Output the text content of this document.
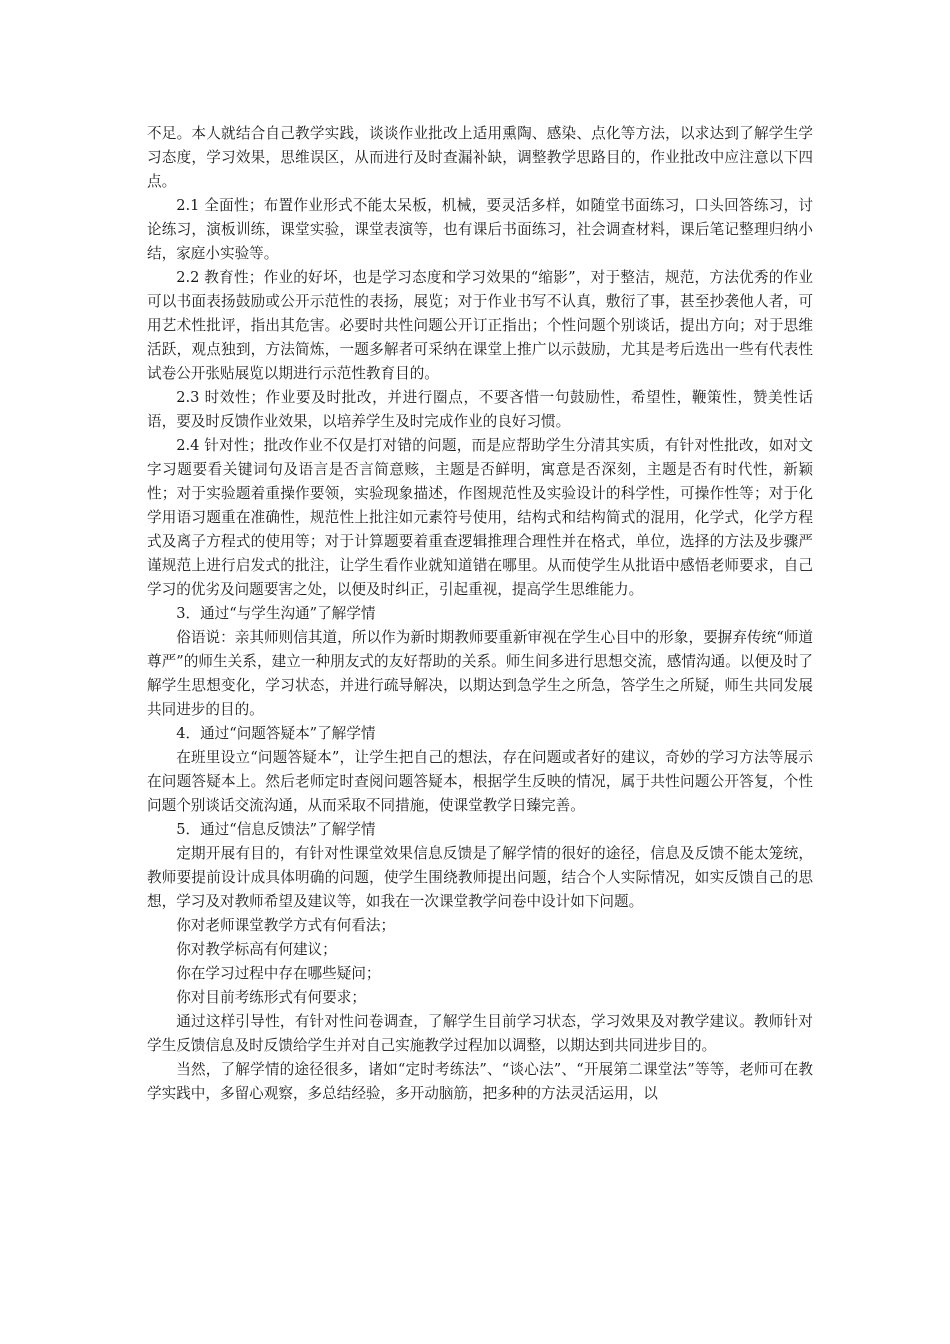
不足。本人就结合自己教学实践，谈谈作业批改上适用熏陶、感染、点化等方法，以求达到了解学生学习态度，学习效果，思维误区，从而进行及时查漏补缺，调整教学思路目的，作业批改中应注意以下四点。

2.1 全面性；布置作业形式不能太呆板，机械，要灵活多样，如随堂书面练习，口头回答练习，讨论练习，演板训练，课堂实验，课堂表演等，也有课后书面练习，社会调查材料，课后笔记整理归纳小结，家庭小实验等。

2.2 教育性；作业的好坏，也是学习态度和学习效果的“缩影”，对于整洁，规范，方法优秀的作业可以书面表扬鼓励或公开示范性的表扬，展览；对于作业书写不认真，敷衍了事，甚至抄袭他人者，可用艺术性批评，指出其危害。必要时共性问题公开订正指出；个性问题个别谈话，提出方向；对于思维活跃，观点独到，方法简炼，一题多解者可采纳在课堂上推广以示鼓励，尤其是考后选出一些有代表性试卷公开张贴展览以期进行示范性教育目的。

2.3 时效性；作业要及时批改，并进行圈点，不要吝惜一句鼓励性，希望性，鞭策性，赞美性话语，要及时反馈作业效果，以培养学生及时完成作业的良好习惯。

2.4 针对性；批改作业不仅是打对错的问题，而是应帮助学生分清其实质，有针对性批改，如对文字习题要看关键词句及语言是否言简意赅，主题是否鲜明，寓意是否深刻，主题是否有时代性，新颖性；对于实验题着重操作要领，实验现象描述，作图规范性及实验设计的科学性，可操作性等；对于化学用语习题重在准确性，规范性上批注如元素符号使用，结构式和结构简式的混用，化学式，化学方程式及离子方程式的使用等；对于计算题要着重查逻辑推理合理性并在格式，单位，选择的方法及步骤严谨规范上进行启发式的批注，让学生看作业就知道错在哪里。从而使学生从批语中感悟老师要求，自己学习的优劣及问题要害之处，以便及时纠正，引起重视，提高学生思维能力。

3．通过“与学生沟通”了解学情

俗语说：亲其师则信其道，所以作为新时期教师要重新审视在学生心目中的形象，要摒弃传统“师道尊严”的师生关系，建立一种朋友式的友好帮助的关系。师生间多进行思想交流，感情沟通。以便及时了解学生思想变化，学习状态，并进行疏导解决，以期达到急学生之所急，答学生之所疑，师生共同发展共同进步的目的。

4．通过“问题答疑本”了解学情

在班里设立“问题答疑本”，让学生把自己的想法，存在问题或者好的建议，奇妙的学习方法等展示在问题答疑本上。然后老师定时查阅问题答疑本，根据学生反映的情况，属于共性问题公开答复，个性问题个别谈话交流沟通，从而采取不同措施，使课堂教学日臻完善。

5．通过“信息反馈法”了解学情

定期开展有目的，有针对性课堂效果信息反馈是了解学情的很好的途径，信息及反馈不能太笼统，教师要提前设计成具体明确的问题，使学生围绕教师提出问题，结合个人实际情况，如实反馈自己的思想，学习及对教师希望及建议等，如我在一次课堂教学问卷中设计如下问题。

你对老师课堂教学方式有何看法；

你对教学标高有何建议；

你在学习过程中存在哪些疑问；

你对目前考练形式有何要求；

通过这样引导性，有针对性问卷调查，了解学生目前学习状态，学习效果及对教学建议。教师针对学生反馈信息及时反馈给学生并对自己实施教学过程加以调整，以期达到共同进步目的。

当然，了解学情的途径很多，诸如“定时考练法”、“谈心法”、“开展第二课堂法”等等，老师可在教学实践中，多留心观察，多总结经验，多开动脑筋，把多种的方法灵活运用，以
